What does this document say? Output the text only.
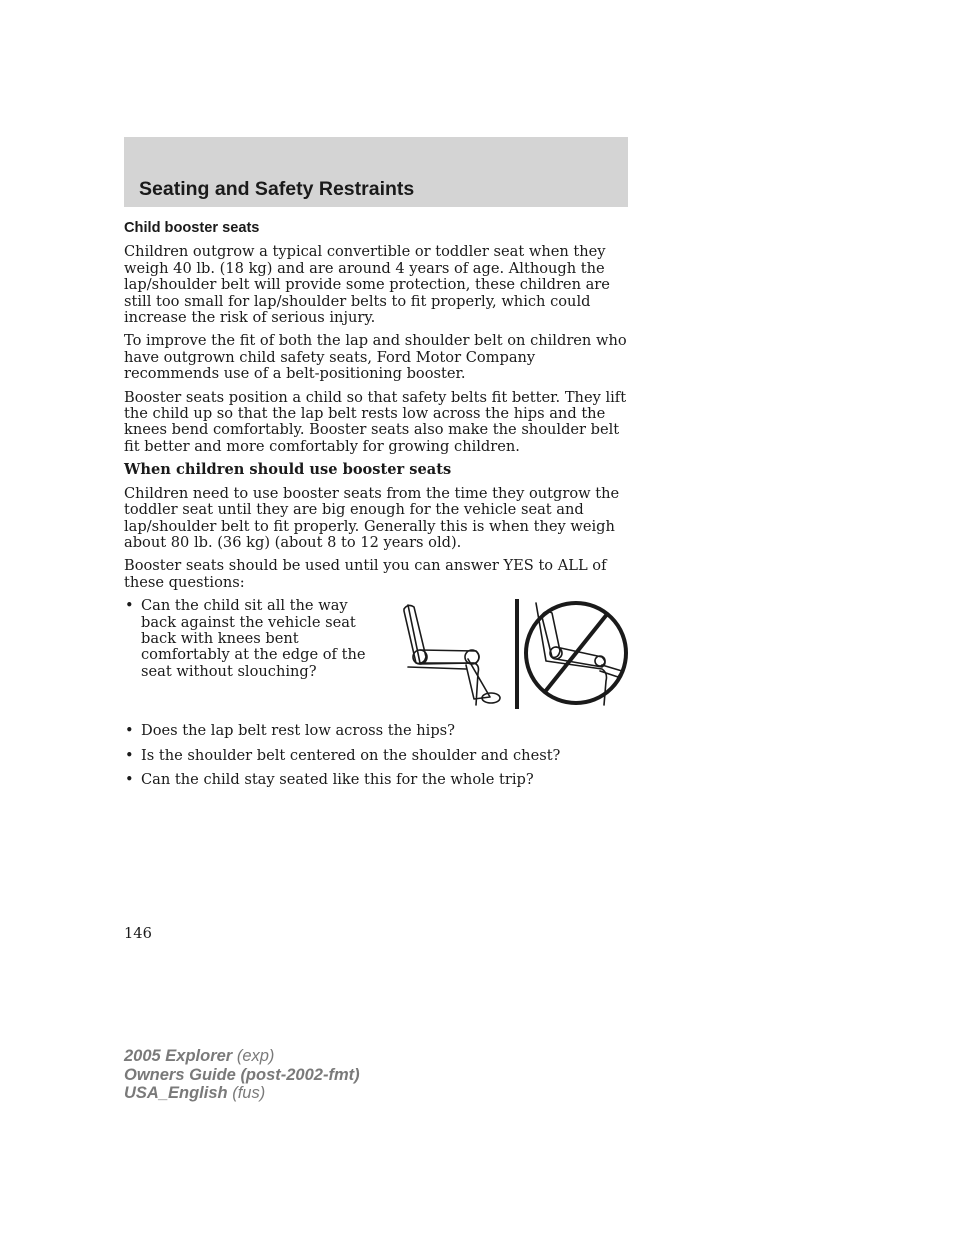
Seating and Safety Restraints
Child booster seats

Children outgrow a typical convertible or toddler seat when they weigh 40 lb. (18 kg) and are around 4 years of age. Although the lap/shoulder belt will provide some protection, these children are still too small for lap/shoulder belts to fit properly, which could increase the risk of serious injury.

To improve the fit of both the lap and shoulder belt on children who have outgrown child safety seats, Ford Motor Company recommends use of a belt-positioning booster.

Booster seats position a child so that safety belts fit better. They lift the child up so that the lap belt rests low across the hips and the knees bend comfortably. Booster seats also make the shoulder belt fit better and more comfortably for growing children.

When children should use booster seats

Children need to use booster seats from the time they outgrow the toddler seat until they are big enough for the vehicle seat and lap/shoulder belt to fit properly. Generally this is when they weigh about 80 lb. (36 kg) (about 8 to 12 years old).

Booster seats should be used until you can answer YES to ALL of these questions:

• Can the child sit all the way back against the vehicle seat back with knees bent comfortably at the edge of the seat without slouching?
• Does the lap belt rest low across the hips?
• Is the shoulder belt centered on the shoulder and chest?
• Can the child stay seated like this for the whole trip?
146
2005 Explorer (exp)
Owners Guide (post-2002-fmt)
USA_English (fus)
